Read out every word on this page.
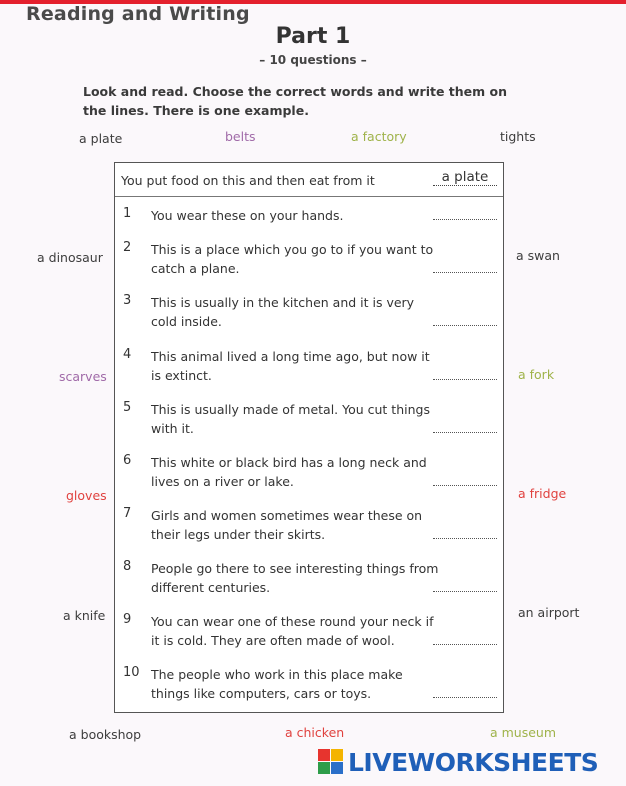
Reading and Writing
Part 1
– 10 questions –
Look and read. Choose the correct words and write them on the lines. There is one example.
a plate	belts	a factory	tights
a dinosaur
scarves
gloves
a knife
a swan
a fork
a fridge
an airport
a bookshop	a chicken	a museum
You put food on this and then eat from it	a plate
1	You wear these on your hands.
2	This is a place which you go to if you want to catch a plane.
3	This is usually in the kitchen and it is very cold inside.
4	This animal lived a long time ago, but now it is extinct.
5	This is usually made of metal. You cut things with it.
6	This white or black bird has a long neck and lives on a river or lake.
7	Girls and women sometimes wear these on their legs under their skirts.
8	People go there to see interesting things from different centuries.
9	You can wear one of these round your neck if it is cold. They are often made of wool.
10 The people who work in this place make things like computers, cars or toys.
LIVEWORKSHEETS
